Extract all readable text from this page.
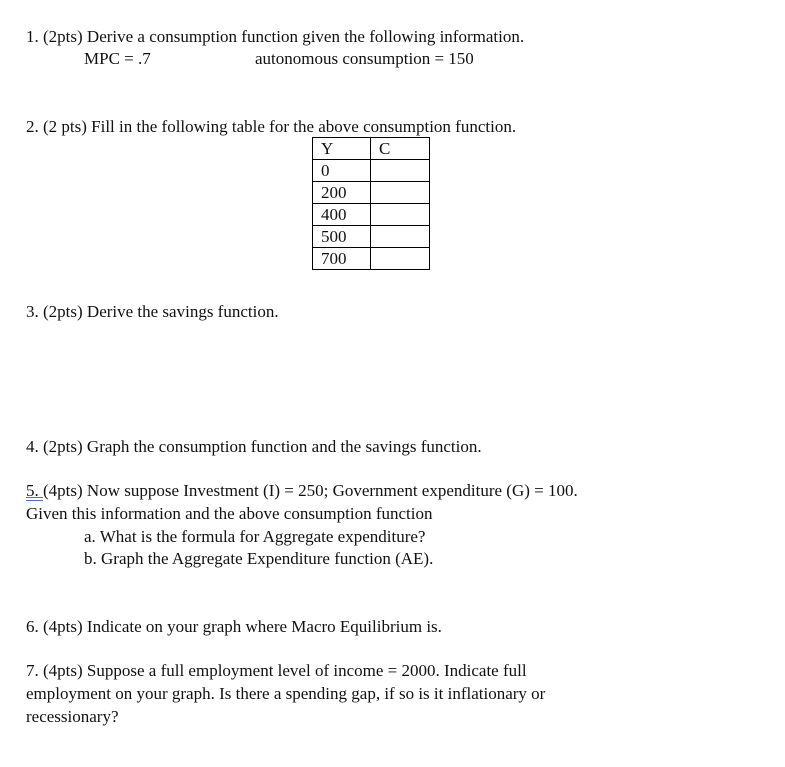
1. (2pts) Derive a consumption function given the following information.
MPC = .7	autonomous consumption = 150
2. (2 pts) Fill in the following table for the above consumption function.
Y	C
0	
200	
400	
500	
700	
3. (2pts) Derive the savings function.
4. (2pts) Graph the consumption function and the savings function.
5. (4pts) Now suppose Investment (I) = 250; Government expenditure (G) = 100.
Given this information and the above consumption function
a. What is the formula for Aggregate expenditure?
b. Graph the Aggregate Expenditure function (AE).
6. (4pts) Indicate on your graph where Macro Equilibrium is.
7. (4pts) Suppose a full employment level of income = 2000. Indicate full
employment on your graph. Is there a spending gap, if so is it inflationary or
recessionary?
